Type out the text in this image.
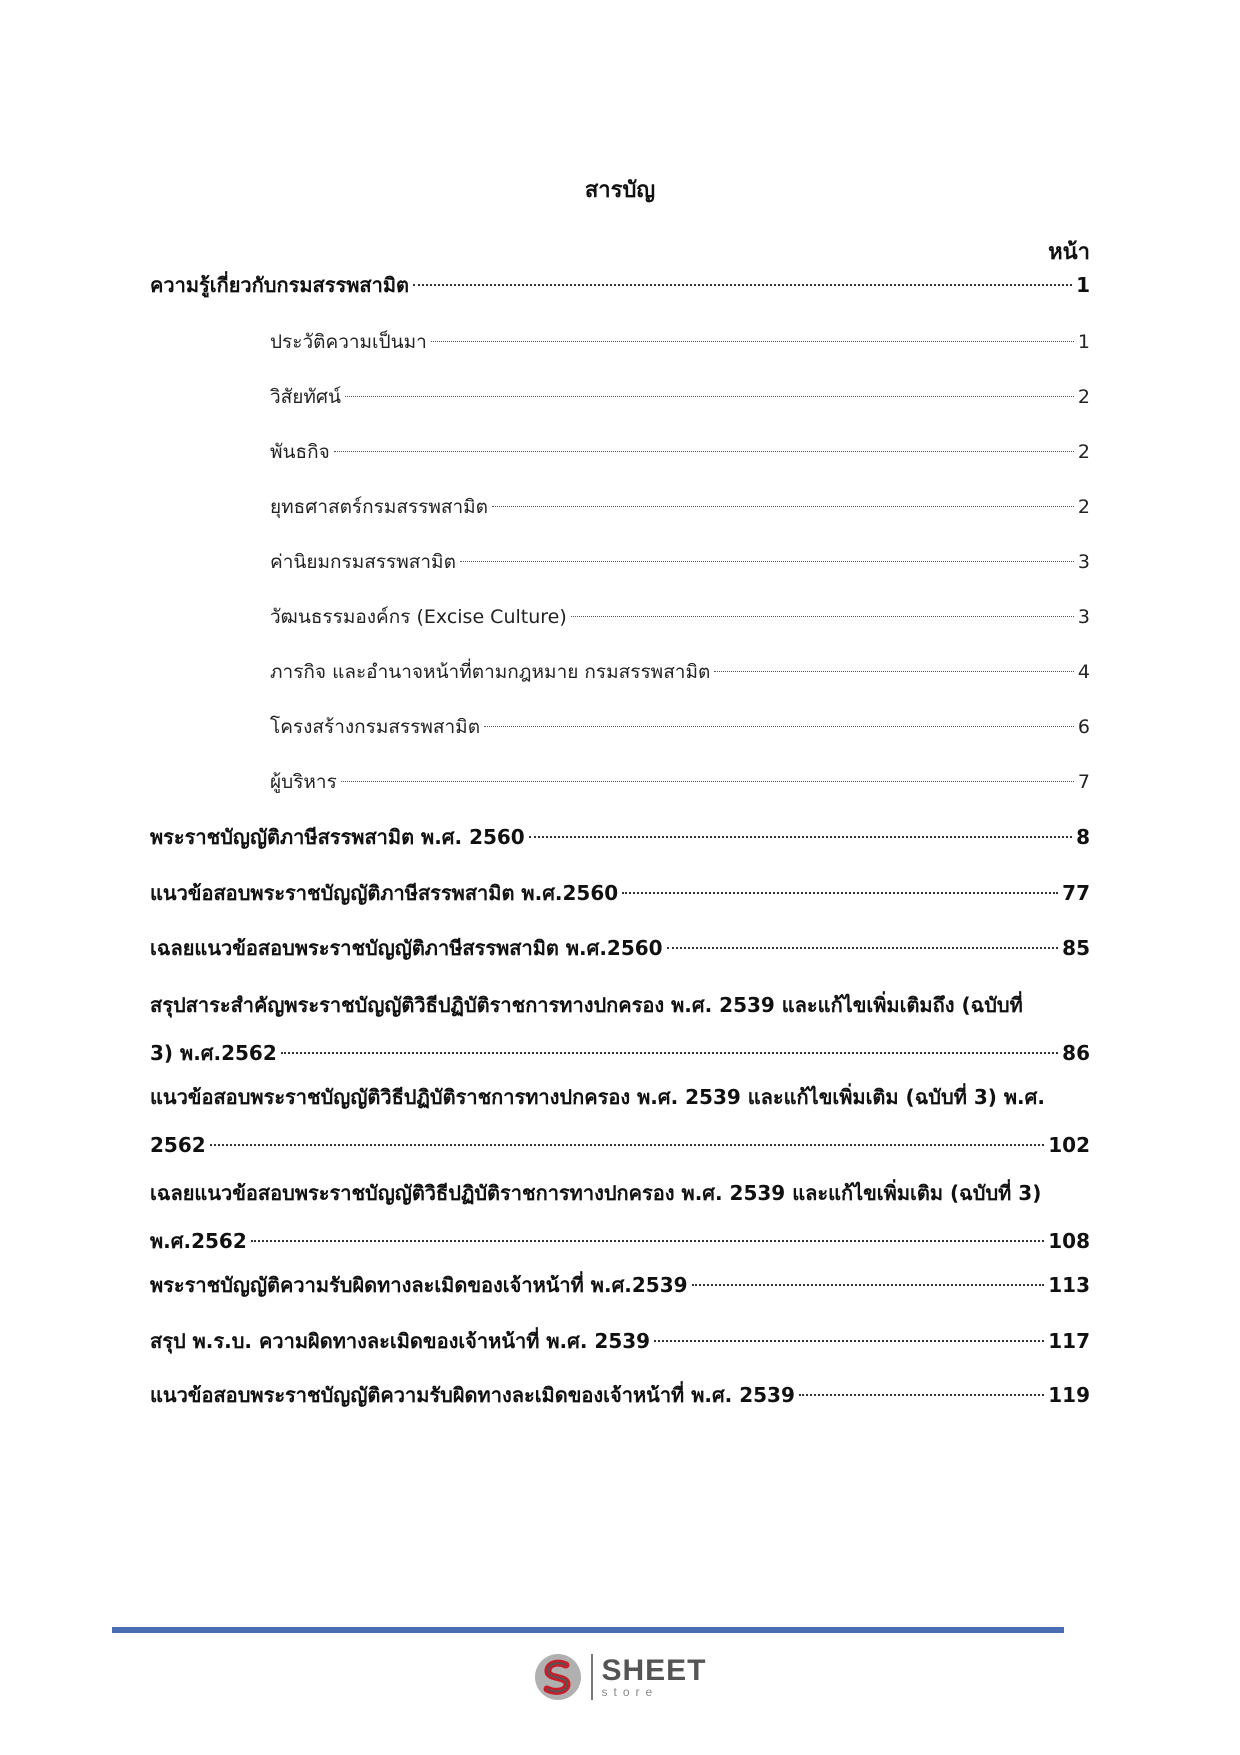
สารบัญ
หน้า
ความรู้เกี่ยวกับกรมสรรพสามิต	1
ประวัติความเป็นมา	1
วิสัยทัศน์	2
พันธกิจ	2
ยุทธศาสตร์กรมสรรพสามิต	2
ค่านิยมกรมสรรพสามิต	3
วัฒนธรรมองค์กร (Excise Culture)	3
ภารกิจ และอำนาจหน้าที่ตามกฎหมาย กรมสรรพสามิต	4
โครงสร้างกรมสรรพสามิต	6
ผู้บริหาร	7
พระราชบัญญัติภาษีสรรพสามิต พ.ศ. 2560	8
แนวข้อสอบพระราชบัญญัติภาษีสรรพสามิต พ.ศ.2560	77
เฉลยแนวข้อสอบพระราชบัญญัติภาษีสรรพสามิต พ.ศ.2560	85
สรุปสาระสำคัญพระราชบัญญัติวิธีปฏิบัติราชการทางปกครอง พ.ศ. 2539 และแก้ไขเพิ่มเติมถึง (ฉบับที่
3) พ.ศ.2562	86
แนวข้อสอบพระราชบัญญัติวิธีปฏิบัติราชการทางปกครอง พ.ศ. 2539 และแก้ไขเพิ่มเติม (ฉบับที่ 3) พ.ศ.
2562	102
เฉลยแนวข้อสอบพระราชบัญญัติวิธีปฏิบัติราชการทางปกครอง พ.ศ. 2539 และแก้ไขเพิ่มเติม (ฉบับที่ 3)
พ.ศ.2562	108
พระราชบัญญัติความรับผิดทางละเมิดของเจ้าหน้าที่ พ.ศ.2539	113
สรุป พ.ร.บ. ความผิดทางละเมิดของเจ้าหน้าที่ พ.ศ. 2539	117
แนวข้อสอบพระราชบัญญัติความรับผิดทางละเมิดของเจ้าหน้าที่ พ.ศ. 2539	119
SHEET
store
